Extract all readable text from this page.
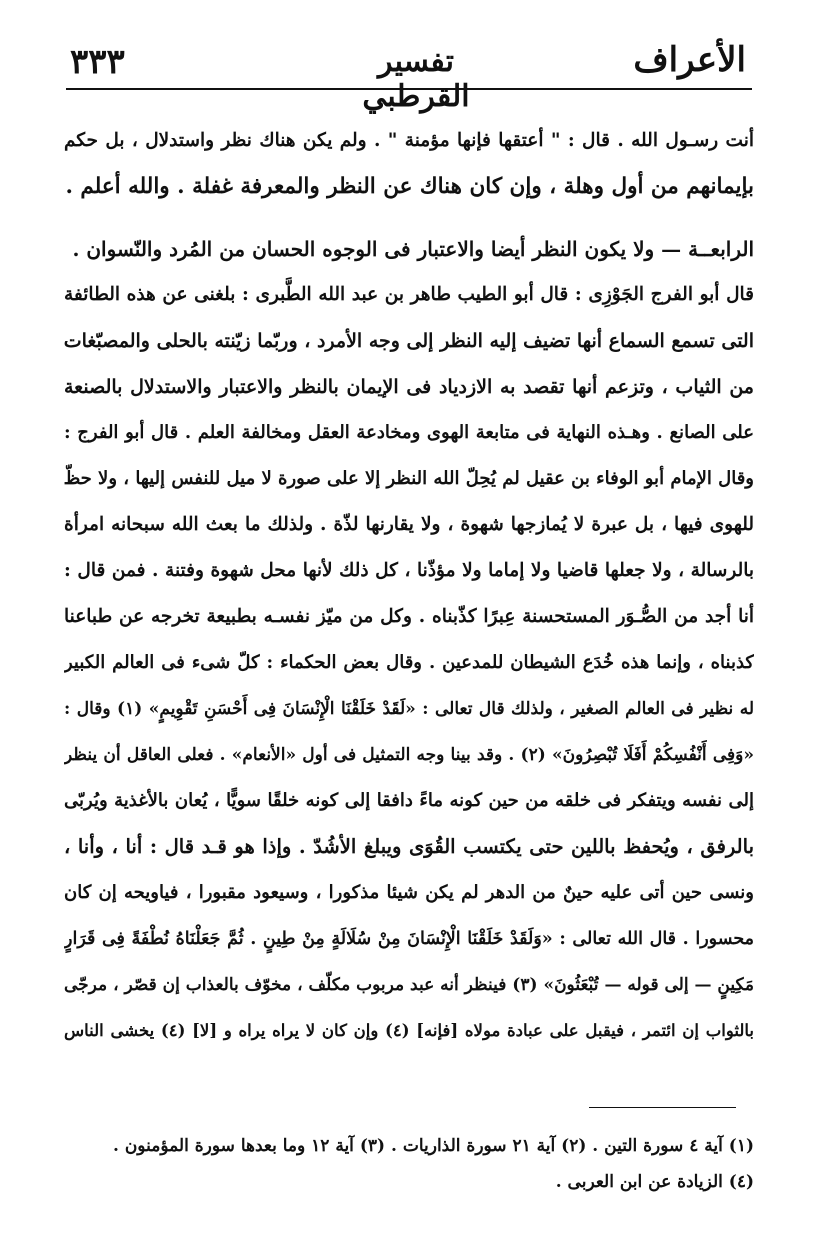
الأعراف
تفسير القرطبي
٣٣٣
أنت رسـول الله . قال : " أعتقها فإنها مؤمنة " . ولم يكن هناك نظر واستدلال ، بل حكم
بإيمانهم من أول وهلة ، وإن كان هناك عن النظر والمعرفة غفلة . والله أعلم .
الرابعــة — ولا يكون النظر أيضا والاعتبار فى الوجوه الحسان من المُرد والنّسوان .
قال أبو الفرج الجَوْزِى : قال أبو الطيب طاهر بن عبد الله الطَّبرى : بلغنى عن هذه الطائفة
التى تسمع السماع أنها تضيف إليه النظر إلى وجه الأمرد ، وربّما زيّنته بالحلى والمصبّغات
من الثياب ، وتزعم أنها تقصد به الازدياد فى الإيمان بالنظر والاعتبار والاستدلال بالصنعة
على الصانع . وهـذه النهاية فى متابعة الهوى ومخادعة العقل ومخالفة العلم . قال أبو الفرج :
وقال الإمام أبو الوفاء بن عقيل لم يُحِلّ الله النظر إلا على صورة لا ميل للنفس إليها ، ولا حظّ
للهوى فيها ، بل عبرة لا يُمازجها شهوة ، ولا يقارنها لذّة . ولذلك ما بعث الله سبحانه امرأة
بالرسالة ، ولا جعلها قاضيا ولا إماما ولا مؤذّنا ، كل ذلك لأنها محل شهوة وفتنة . فمن قال :
أنا أجد من الصُّـوَر المستحسنة عِبرًا كذّبناه . وكل من ميّز نفسـه بطبيعة تخرجه عن طباعنا
كذبناه ، وإنما هذه خُدَع الشيطان للمدعين . وقال بعض الحكماء : كلّ شىء فى العالم الكبير
له نظير فى العالم الصغير ، ولذلك قال تعالى : «لَقَدْ خَلَقْنَا الْإِنْسَانَ فِى أَحْسَنِ تَقْوِيمٍ» (١) وقال :
«وَفِى أَنْفُسِكُمْ أَفَلَا تُبْصِرُونَ» (٢) . وقد بينا وجه التمثيل فى أول «الأنعام» . فعلى العاقل أن ينظر
إلى نفسه ويتفكر فى خلقه من حين كونه ماءً دافقا إلى كونه خلقًا سويًّا ، يُعان بالأغذية ويُربّى
بالرفق ، ويُحفظ باللين حتى يكتسب القُوَى ويبلغ الأشُدّ . وإذا هو قـد قال : أنا ، وأنا ،
ونسى حين أتى عليه حينٌ من الدهر لم يكن شيئا مذكورا ، وسيعود مقبورا ، فياويحه إن كان
محسورا . قال الله تعالى : «وَلَقَدْ خَلَقْنَا الْإِنْسَانَ مِنْ سُلَالَةٍ مِنْ طِينٍ . ثُمَّ جَعَلْنَاهُ نُطْفَةً فِى قَرَارٍ
مَكِينٍ — إلى قوله — تُبْعَثُونَ» (٣) فينظر أنه عبد مربوب مكلّف ، مخوّف بالعذاب إن قصّر ، مرجّى
بالثواب إن ائتمر ، فيقبل على عبادة مولاه [فإنه] (٤) وإن كان لا يراه يراه و [لا] (٤) يخشى الناس
(١) آية ٤ سورة التين . (٢) آية ٢١ سورة الذاريات . (٣) آية ١٢ وما بعدها سورة المؤمنون .
(٤) الزيادة عن ابن العربى .
